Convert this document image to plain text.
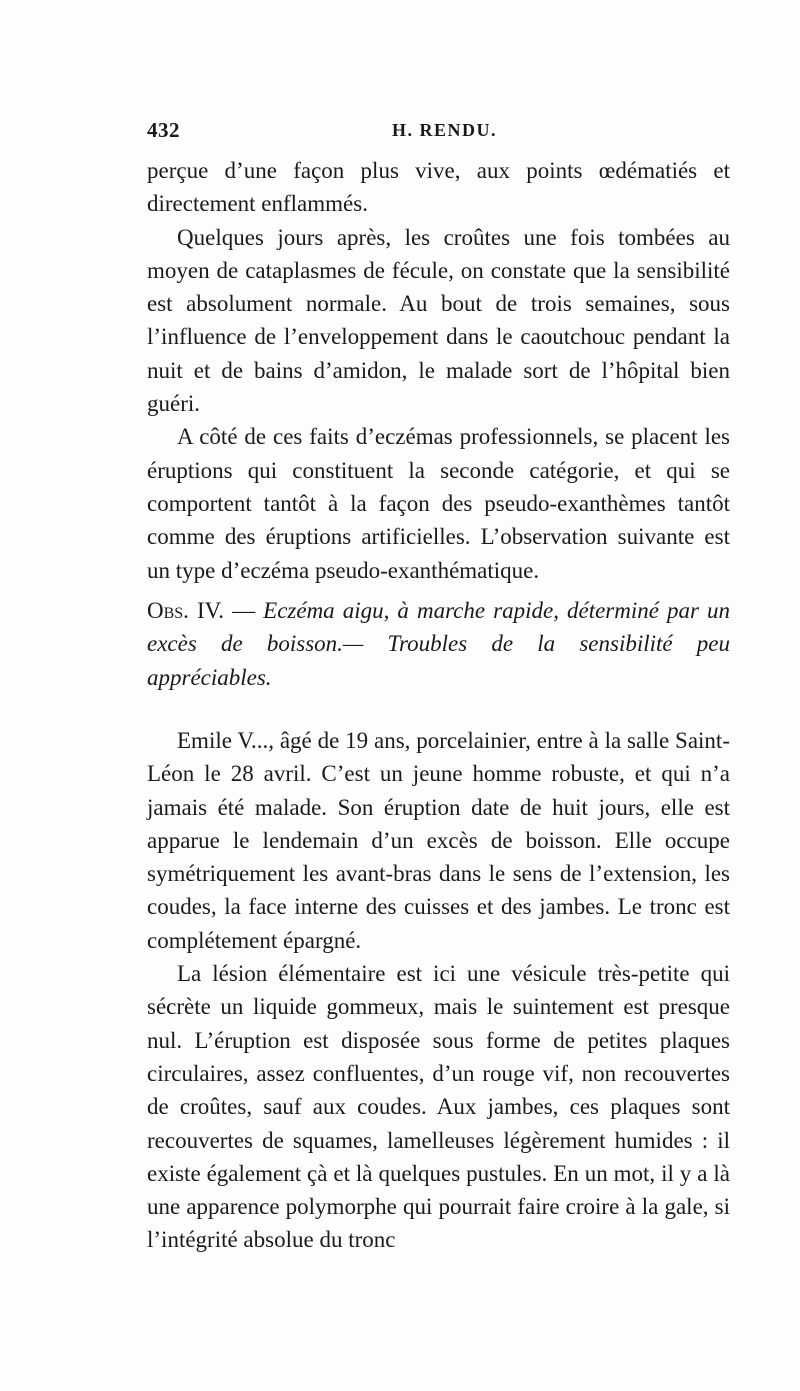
432	H. RENDU.

perçue d’une façon plus vive, aux points œdématiés et directement enflammés.

Quelques jours après, les croûtes une fois tombées au moyen de cataplasmes de fécule, on constate que la sensibilité est absolument normale. Au bout de trois semaines, sous l’influence de l’enveloppement dans le caoutchouc pendant la nuit et de bains d’amidon, le malade sort de l’hôpital bien guéri.

A côté de ces faits d’eczémas professionnels, se placent les éruptions qui constituent la seconde catégorie, et qui se comportent tantôt à la façon des pseudo-exanthèmes tantôt comme des éruptions artificielles. L’observation suivante est un type d’eczéma pseudo-exanthématique.

Obs. IV. — Eczéma aigu, à marche rapide, déterminé par un excès de boisson.— Troubles de la sensibilité peu appréciables.

Emile V..., âgé de 19 ans, porcelainier, entre à la salle Saint-Léon le 28 avril. C’est un jeune homme robuste, et qui n’a jamais été malade. Son éruption date de huit jours, elle est apparue le lendemain d’un excès de boisson. Elle occupe symétriquement les avant-bras dans le sens de l’extension, les coudes, la face interne des cuisses et des jambes. Le tronc est complétement épargné.

La lésion élémentaire est ici une vésicule très-petite qui sécrète un liquide gommeux, mais le suintement est presque nul. L’éruption est disposée sous forme de petites plaques circulaires, assez confluentes, d’un rouge vif, non recouvertes de croûtes, sauf aux coudes. Aux jambes, ces plaques sont recouvertes de squames, lamelleuses légèrement humides : il existe également çà et là quelques pustules. En un mot, il y a là une apparence polymorphe qui pourrait faire croire à la gale, si l’intégrité absolue du tronc
